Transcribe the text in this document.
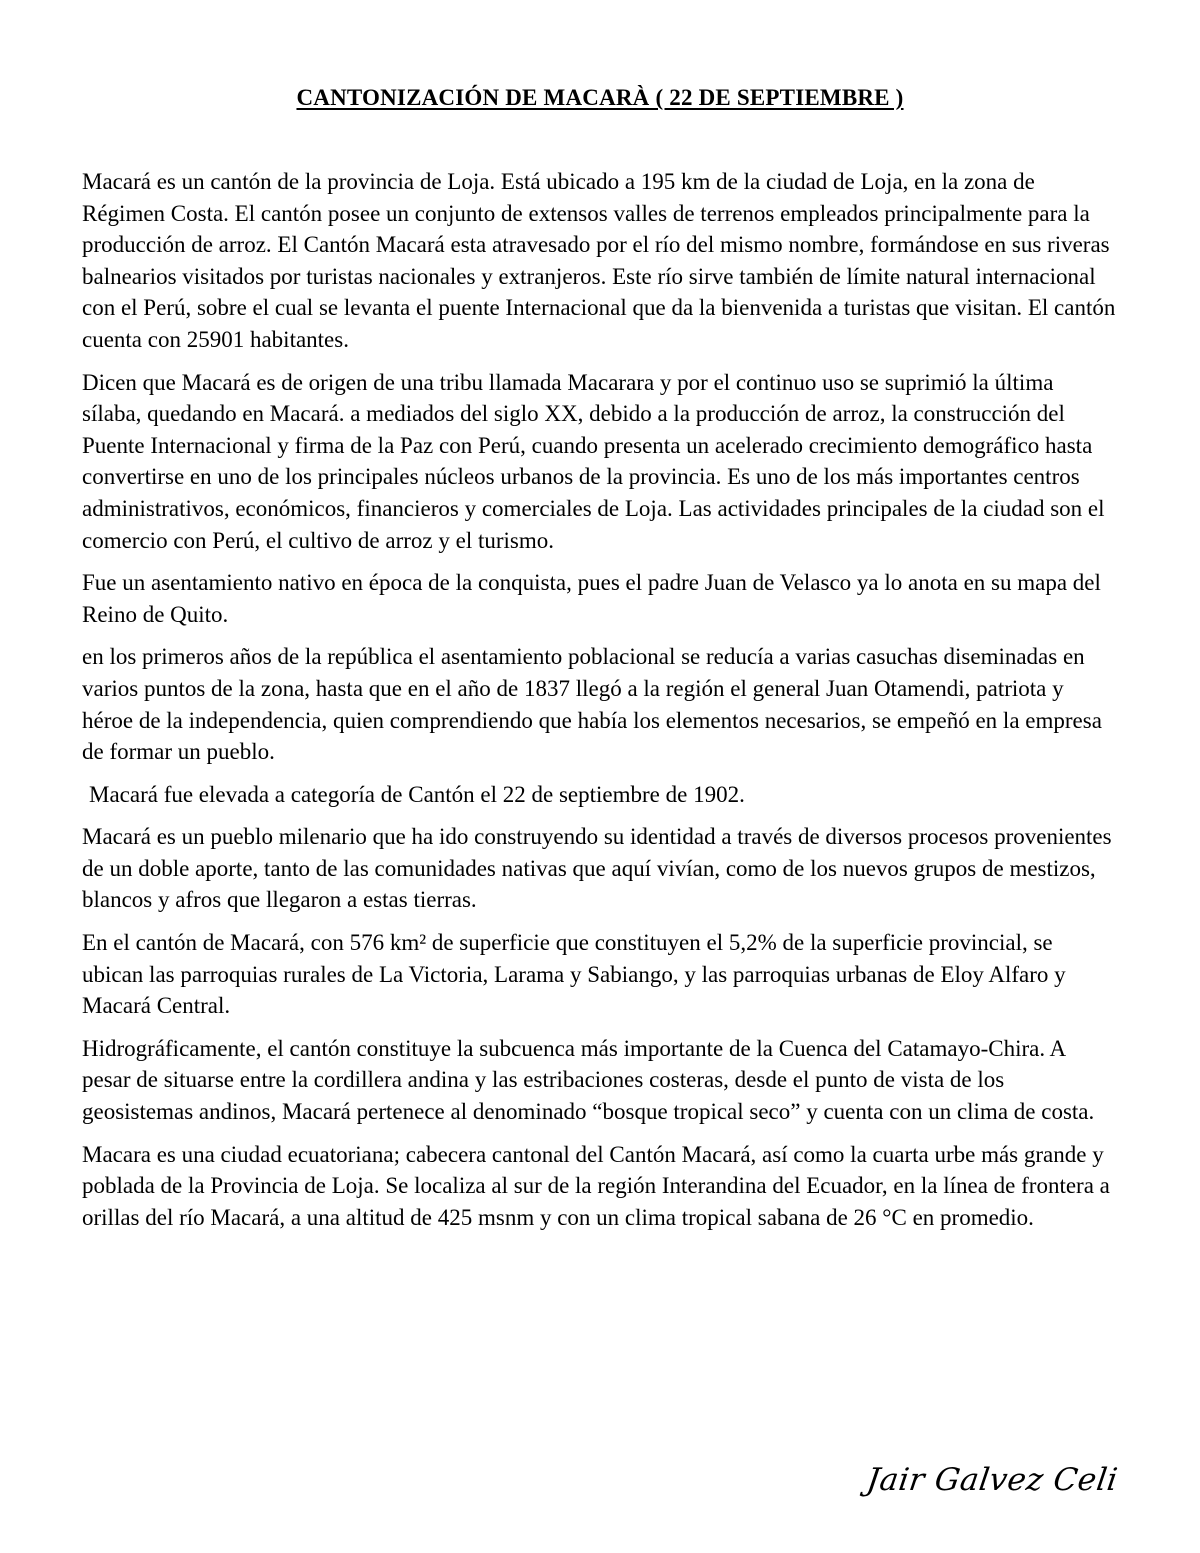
CANTONIZACIÓN DE MACARÀ ( 22 DE SEPTIEMBRE )

Macará es un cantón de la provincia de Loja. Está ubicado a 195 km de la ciudad de Loja, en la zona de Régimen Costa. El cantón posee un conjunto de extensos valles de terrenos empleados principalmente para la producción de arroz. El Cantón Macará esta atravesado por el río del mismo nombre, formándose en sus riveras balnearios visitados por turistas nacionales y extranjeros. Este río sirve también de límite natural internacional con el Perú, sobre el cual se levanta el puente Internacional que da la bienvenida a turistas que visitan. El cantón cuenta con 25901 habitantes.

Dicen que Macará es de origen de una tribu llamada Macarara y por el continuo uso se suprimió la última sílaba, quedando en Macará. a mediados del siglo XX, debido a la producción de arroz, la construcción del Puente Internacional y firma de la Paz con Perú, cuando presenta un acelerado crecimiento demográfico hasta convertirse en uno de los principales núcleos urbanos de la provincia. Es uno de los más importantes centros administrativos, económicos, financieros y comerciales de Loja. Las actividades principales de la ciudad son el comercio con Perú, el cultivo de arroz y el turismo.

Fue un asentamiento nativo en época de la conquista, pues el padre Juan de Velasco ya lo anota en su mapa del Reino de Quito.

en los primeros años de la república el asentamiento poblacional se reducía a varias casuchas diseminadas en varios puntos de la zona, hasta que en el año de 1837 llegó a la región el general Juan Otamendi, patriota y héroe de la independencia, quien comprendiendo que había los elementos necesarios, se empeñó en la empresa de formar un pueblo.

Macará fue elevada a categoría de Cantón el 22 de septiembre de 1902.

Macará es un pueblo milenario que ha ido construyendo su identidad a través de diversos procesos provenientes de un doble aporte, tanto de las comunidades nativas que aquí vivían, como de los nuevos grupos de mestizos, blancos y afros que llegaron a estas tierras.

En el cantón de Macará, con 576 km² de superficie que constituyen el 5,2% de la superficie provincial, se ubican las parroquias rurales de La Victoria, Larama y Sabiango, y las parroquias urbanas de Eloy Alfaro y Macará Central.

Hidrográficamente, el cantón constituye la subcuenca más importante de la Cuenca del Catamayo-Chira. A pesar de situarse entre la cordillera andina y las estribaciones costeras, desde el punto de vista de los geosistemas andinos, Macará pertenece al denominado “bosque tropical seco” y cuenta con un clima de costa.

Macara es una ciudad ecuatoriana; cabecera cantonal del Cantón Macará, así como la cuarta urbe más grande y poblada de la Provincia de Loja. Se localiza al sur de la región Interandina del Ecuador, en la línea de frontera a orillas del río Macará, a una altitud de 425 msnm y con un clima tropical sabana de 26 °C en promedio.

Jair Galvez Celi
